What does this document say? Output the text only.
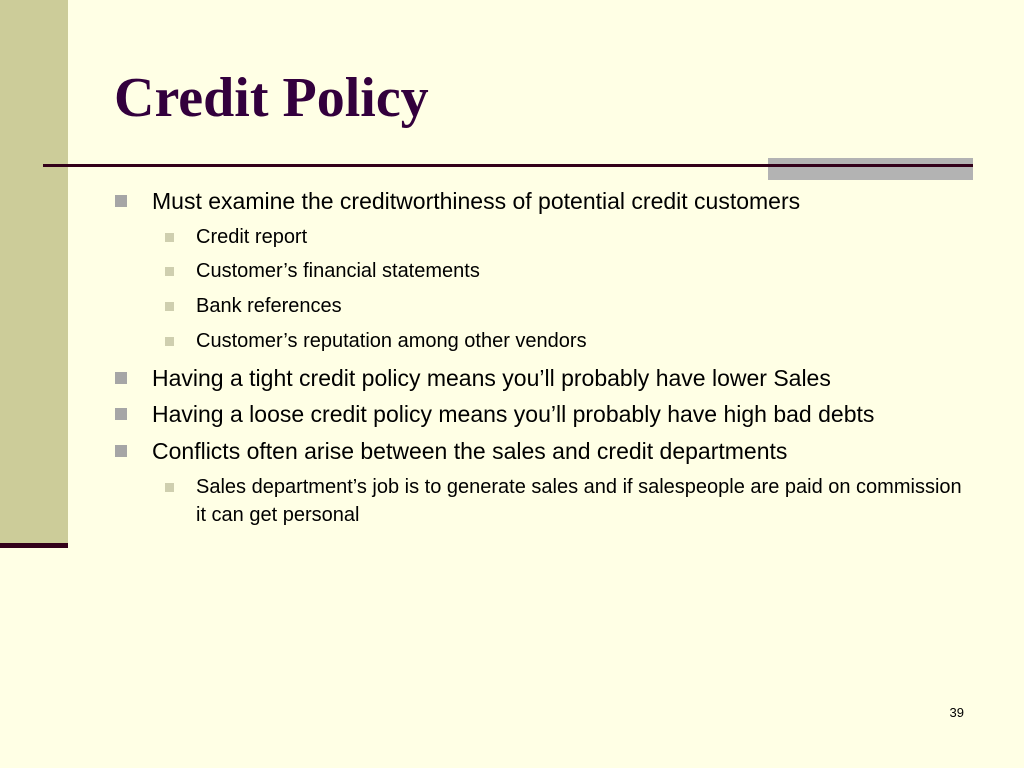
Credit Policy
Must examine the creditworthiness of potential credit customers
Credit report
Customer’s financial statements
Bank references
Customer’s reputation among other vendors
Having a tight credit policy means you’ll probably have lower Sales
Having a loose credit policy means you’ll probably have high bad debts
Conflicts often arise between the sales and credit departments
Sales department’s job is to generate sales and if salespeople are paid on commission it can get personal
39
